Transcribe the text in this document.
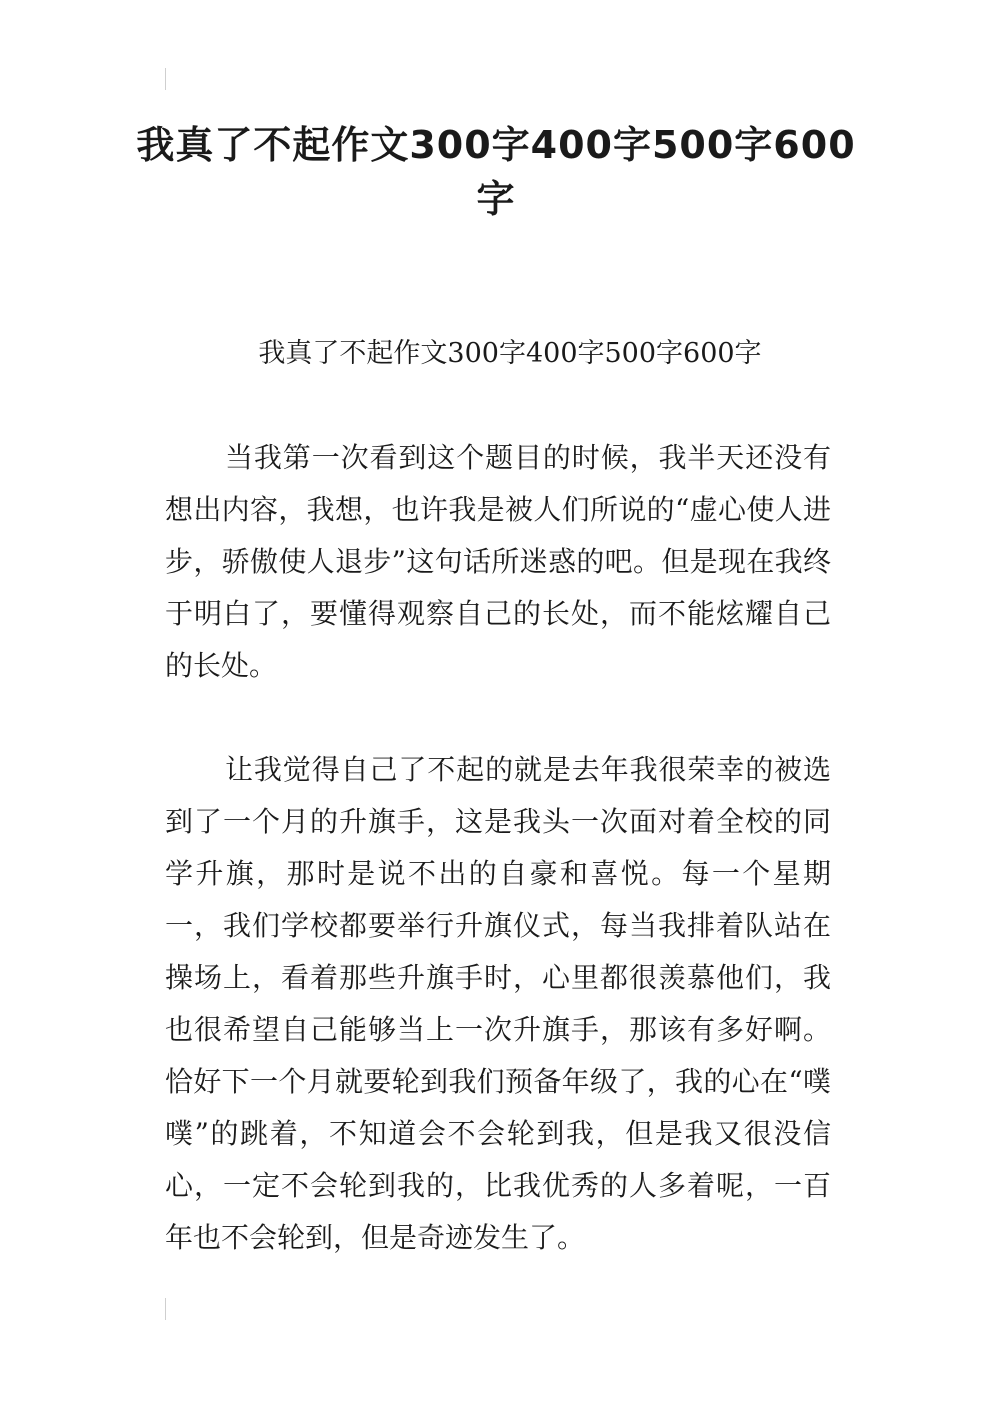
我真了不起作文300字400字500字600字

我真了不起作文300字400字500字600字

当我第一次看到这个题目的时候，我半天还没有想出内容，我想，也许我是被人们所说的“虚心使人进步，骄傲使人退步”这句话所迷惑的吧。但是现在我终于明白了，要懂得观察自己的长处，而不能炫耀自己的长处。

让我觉得自己了不起的就是去年我很荣幸的被选到了一个月的升旗手，这是我头一次面对着全校的同学升旗，那时是说不出的自豪和喜悦。每一个星期一，我们学校都要举行升旗仪式，每当我排着队站在操场上，看着那些升旗手时，心里都很羡慕他们，我也很希望自己能够当上一次升旗手，那该有多好啊。恰好下一个月就要轮到我们预备年级了，我的心在“噗噗”的跳着，不知道会不会轮到我，但是我又很没信心，一定不会轮到我的，比我优秀的人多着呢，一百年也不会轮到，但是奇迹发生了。
